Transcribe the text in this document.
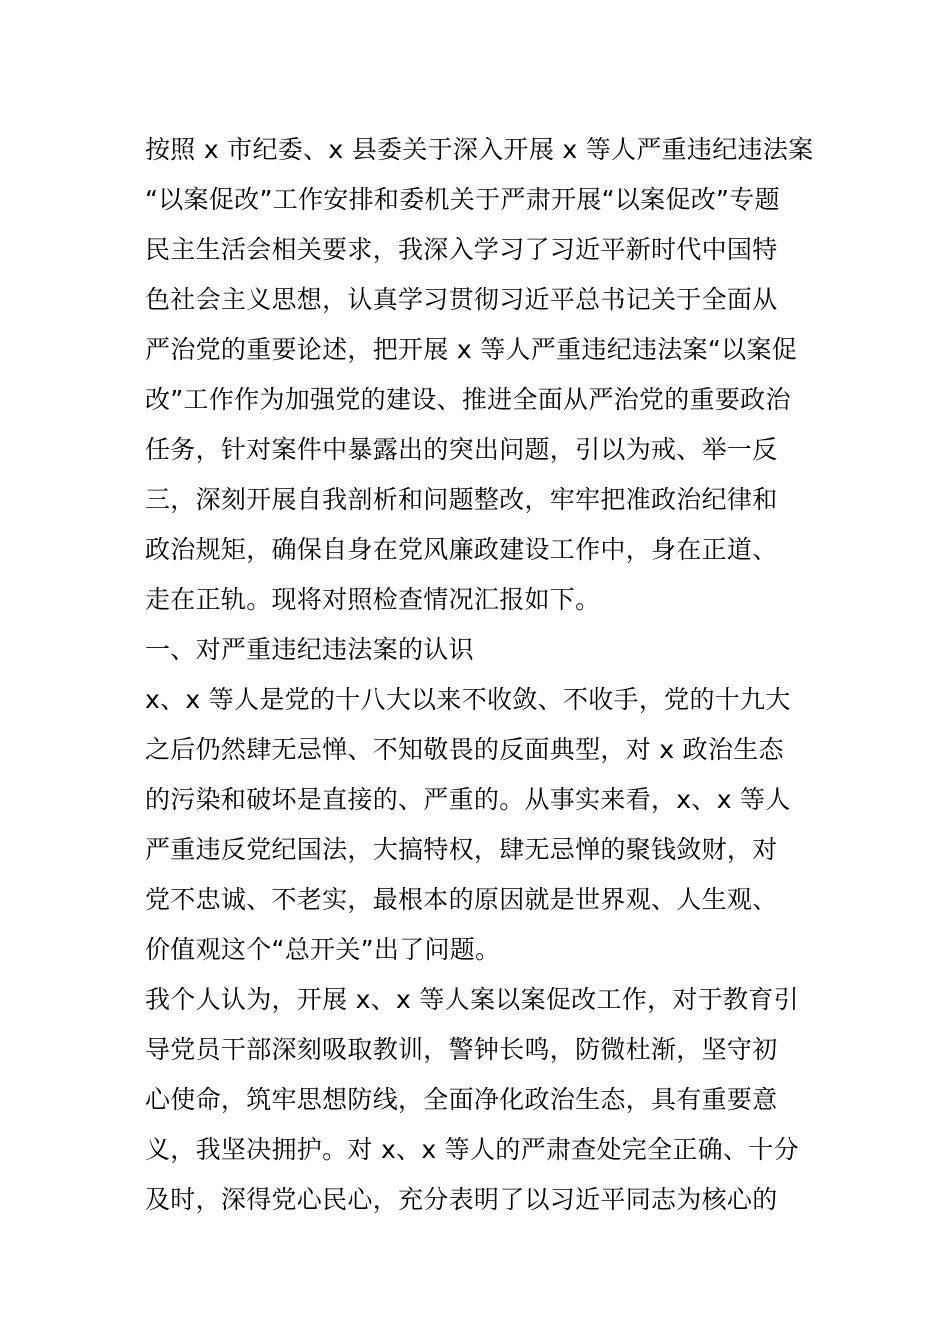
按照 x 市纪委、x 县委关于深入开展 x 等人严重违纪违法案
“以案促改”工作安排和委机关于严肃开展“以案促改”专题
民主生活会相关要求，我深入学习了习近平新时代中国特
色社会主义思想，认真学习贯彻习近平总书记关于全面从
严治党的重要论述，把开展 x 等人严重违纪违法案“以案促
改”工作作为加强党的建设、推进全面从严治党的重要政治
任务，针对案件中暴露出的突出问题，引以为戒、举一反
三，深刻开展自我剖析和问题整改，牢牢把准政治纪律和
政治规矩，确保自身在党风廉政建设工作中，身在正道、
走在正轨。现将对照检查情况汇报如下。
一、对严重违纪违法案的认识
x、x 等人是党的十八大以来不收敛、不收手，党的十九大
之后仍然肆无忌惮、不知敬畏的反面典型，对 x 政治生态
的污染和破坏是直接的、严重的。从事实来看，x、x 等人
严重违反党纪国法，大搞特权，肆无忌惮的聚钱敛财，对
党不忠诚、不老实，最根本的原因就是世界观、人生观、
价值观这个“总开关”出了问题。
我个人认为，开展 x、x 等人案以案促改工作，对于教育引
导党员干部深刻吸取教训，警钟长鸣，防微杜渐，坚守初
心使命，筑牢思想防线，全面净化政治生态，具有重要意
义，我坚决拥护。对 x、x 等人的严肃查处完全正确、十分
及时，深得党心民心，充分表明了以习近平同志为核心的
